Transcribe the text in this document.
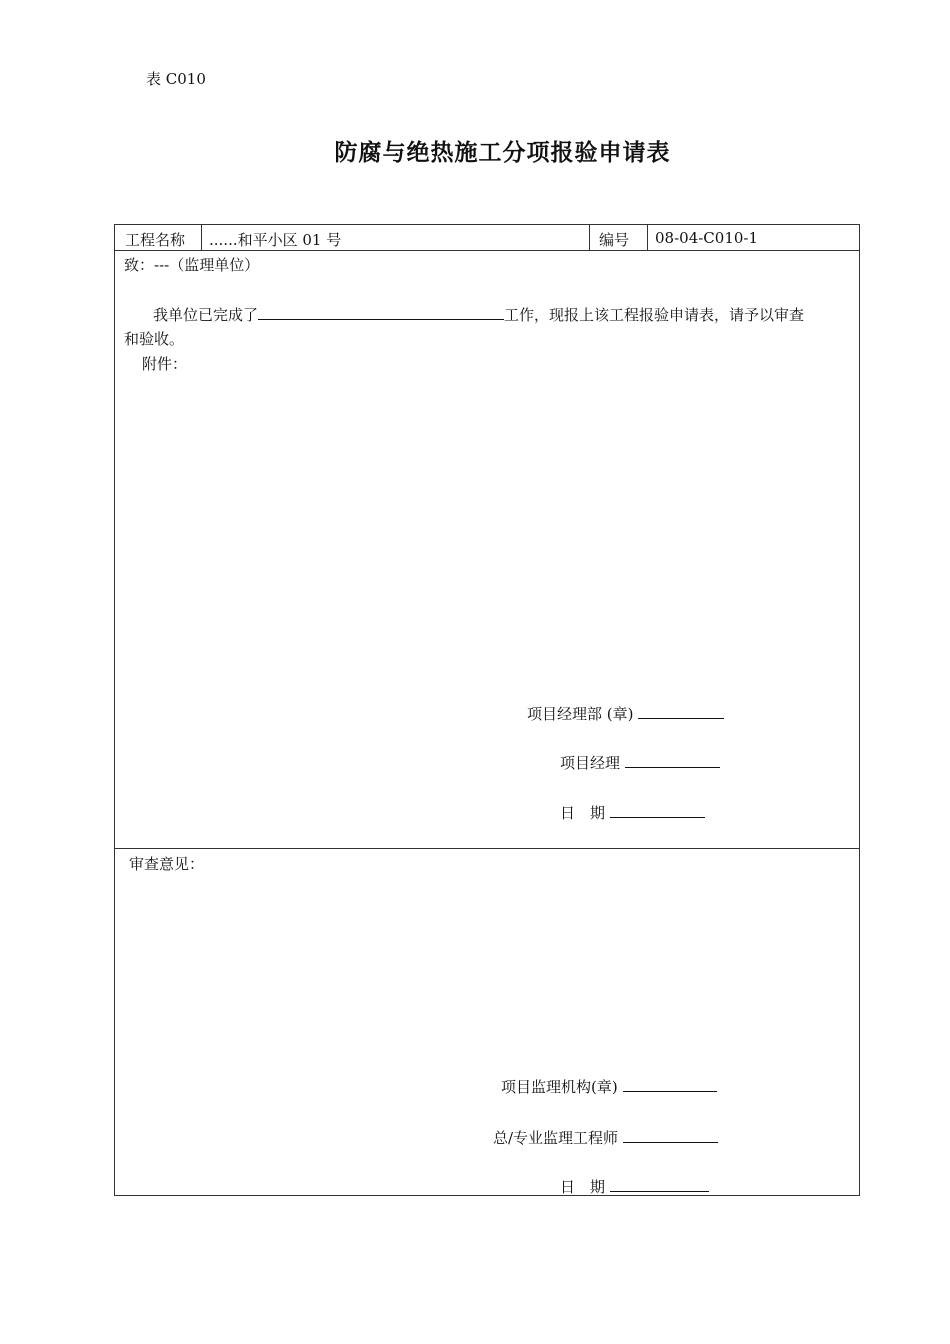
表 C010
防腐与绝热施工分项报验申请表
工程名称 ......和平小区 01 号	编号 08-04-C010-1
致：---（监理单位）
我单位已完成了	工作，现报上该工程报验申请表，请予以审查
和验收。
附件：
项目经理部 (章)
项目经理
日　期
审查意见：
项目监理机构(章)
总/专业监理工程师
日　期
